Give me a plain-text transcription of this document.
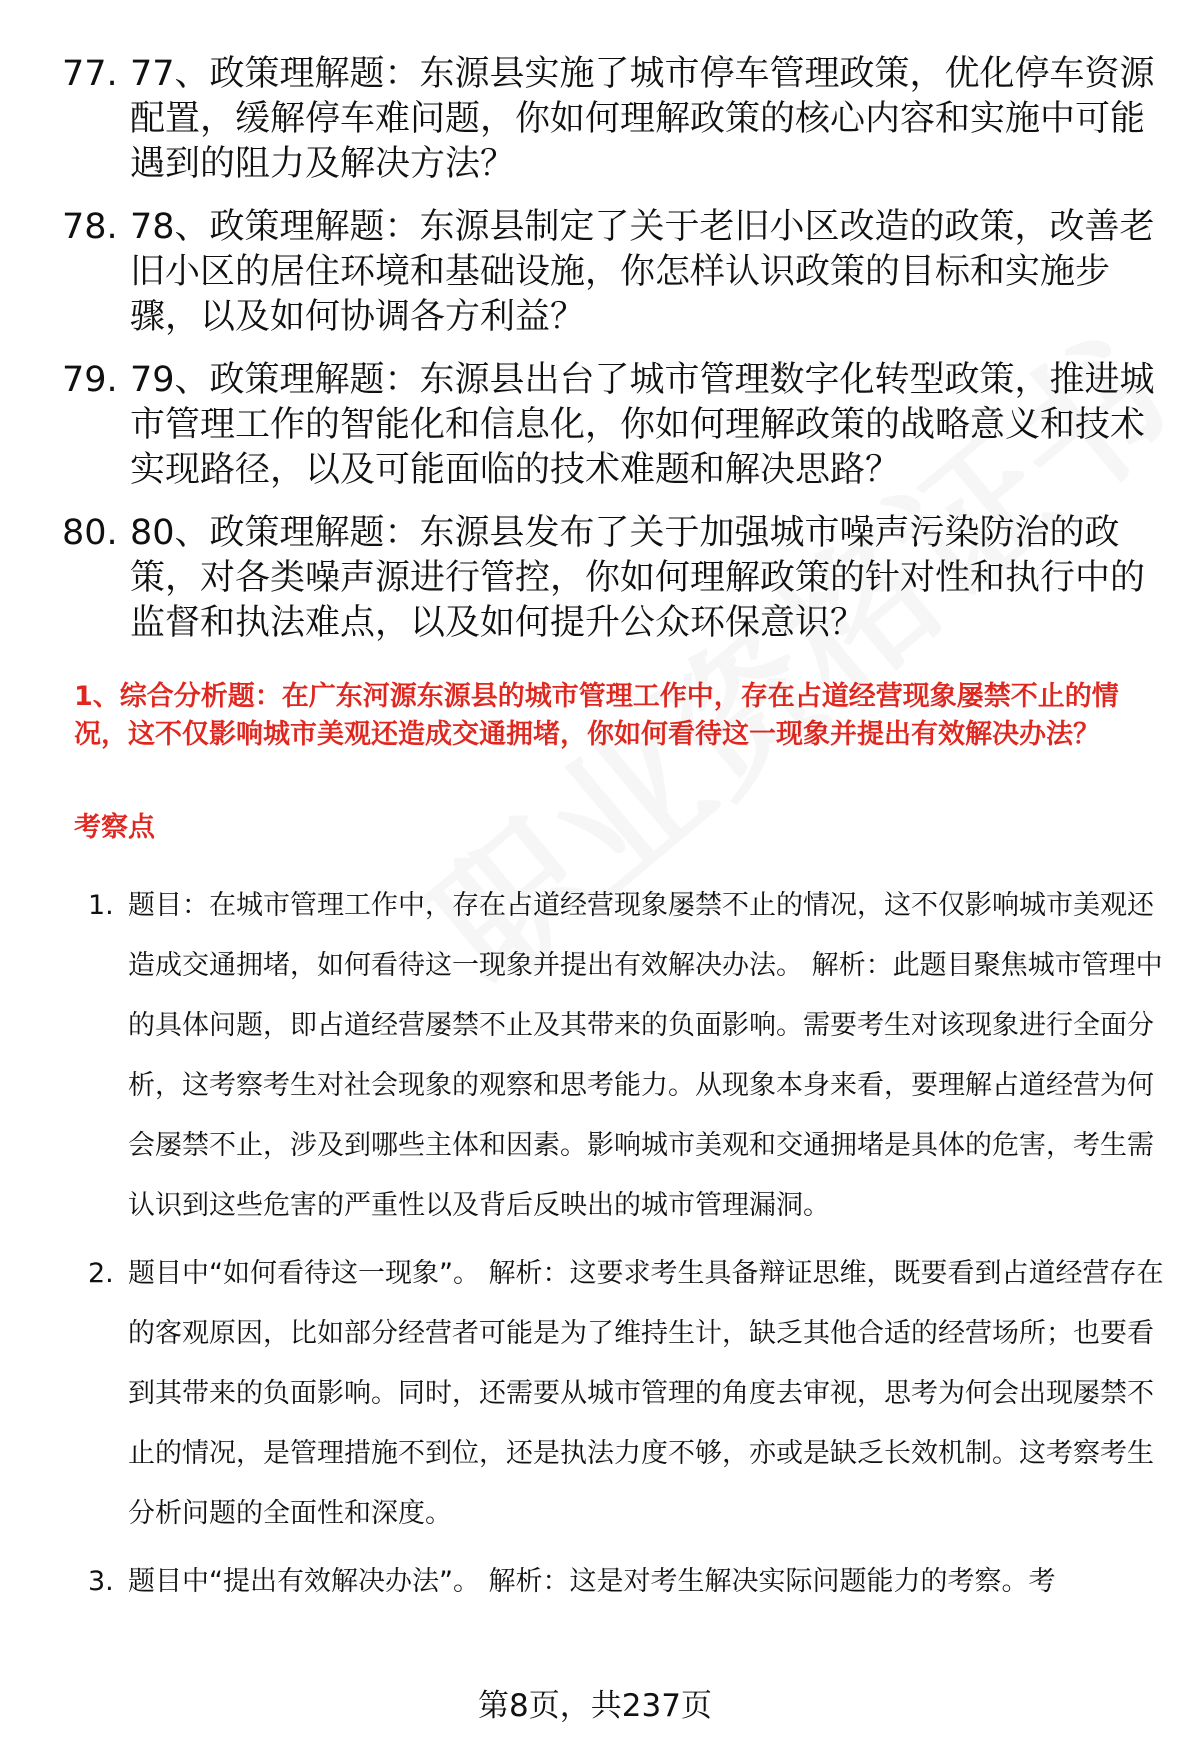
77. 77、政策理解题：东源县实施了城市停车管理政策，优化停车资源配置，缓解停车难问题，你如何理解政策的核心内容和实施中可能遇到的阻力及解决方法？
78. 78、政策理解题：东源县制定了关于老旧小区改造的政策，改善老旧小区的居住环境和基础设施，你怎样认识政策的目标和实施步骤，以及如何协调各方利益？
79. 79、政策理解题：东源县出台了城市管理数字化转型政策，推进城市管理工作的智能化和信息化，你如何理解政策的战略意义和技术实现路径，以及可能面临的技术难题和解决思路？
80. 80、政策理解题：东源县发布了关于加强城市噪声污染防治的政策，对各类噪声源进行管控，你如何理解政策的针对性和执行中的监督和执法难点，以及如何提升公众环保意识？
1、综合分析题：在广东河源东源县的城市管理工作中，存在占道经营现象屡禁不止的情况，这不仅影响城市美观还造成交通拥堵，你如何看待这一现象并提出有效解决办法？
考察点
1. 题目：在城市管理工作中，存在占道经营现象屡禁不止的情况，这不仅影响城市美观还造成交通拥堵，如何看待这一现象并提出有效解决办法。 解析：此题目聚焦城市管理中的具体问题，即占道经营屡禁不止及其带来的负面影响。需要考生对该现象进行全面分析，这考察考生对社会现象的观察和思考能力。从现象本身来看，要理解占道经营为何会屡禁不止，涉及到哪些主体和因素。影响城市美观和交通拥堵是具体的危害，考生需认识到这些危害的严重性以及背后反映出的城市管理漏洞。
2. 题目中“如何看待这一现象”。 解析：这要求考生具备辩证思维，既要看到占道经营存在的客观原因，比如部分经营者可能是为了维持生计，缺乏其他合适的经营场所；也要看到其带来的负面影响。同时，还需要从城市管理的角度去审视，思考为何会出现屡禁不止的情况，是管理措施不到位，还是执法力度不够，亦或是缺乏长效机制。这考察考生分析问题的全面性和深度。
3. 题目中“提出有效解决办法”。 解析：这是对考生解决实际问题能力的考察。考
第8页，共237页
